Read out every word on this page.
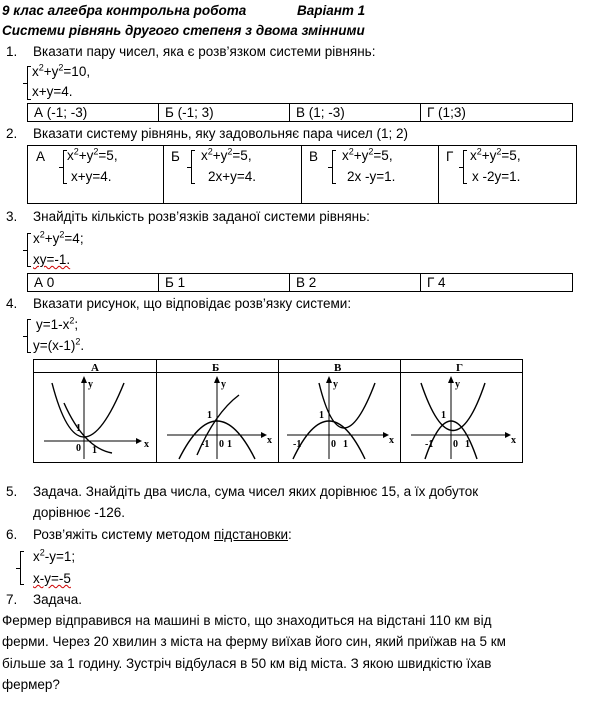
9 клас алгебра контрольна робота	Варіант 1
Системи рівнянь другого степеня з двома змінними
1. Вказати пару чисел, яка є розв’язком системи рівнянь:
$x^2+y^2=10$,
x+y=4.
А (-1; -3)	Б (-1; 3)	В (1; -3)	Г (1;3)
2. Вказати систему рівнянь, яку задовольняє пара чисел (1; 2)
А $x^2+y^2=5$,
x+y=4.
Б $x^2+y^2=5$,
2x+y=4.
В $x^2+y^2=5$,
2x -y=1.
Г $x^2+y^2=5$,
x -2y=1.
3. Знайдіть кількість розв’язків заданої системи рівнянь:
$x^2+y^2=4$;
xy=-1.
А 0	Б 1	В 2	Г 4
4. Вказати рисунок, що відповідає розв’язку системи:
$y=1-x^2$;
$y=(x-1)^2$.
А	Б	В	Г
y
x
0 1
1
y
x
1
-1 0 1
y
x
1
-1	0 1
y
x
1
-1 0 1
5. Задача. Знайдіть два числа, сума чисел яких дорівнює 15, а їх добуток
дорівнює -126.
6. Розв’яжіть систему методом підстановки:
$x^2-y=1$;
x-y=-5
7. Задача.
Фермер відправився на машині в місто, що знаходиться на відстані 110 км від
ферми. Через 20 хвилин з міста на ферму виїхав його син, який приїжав на 5 км
більше за 1 годину. Зустріч відбулася в 50 км від міста. З якою швидкістю їхав
фермер?
